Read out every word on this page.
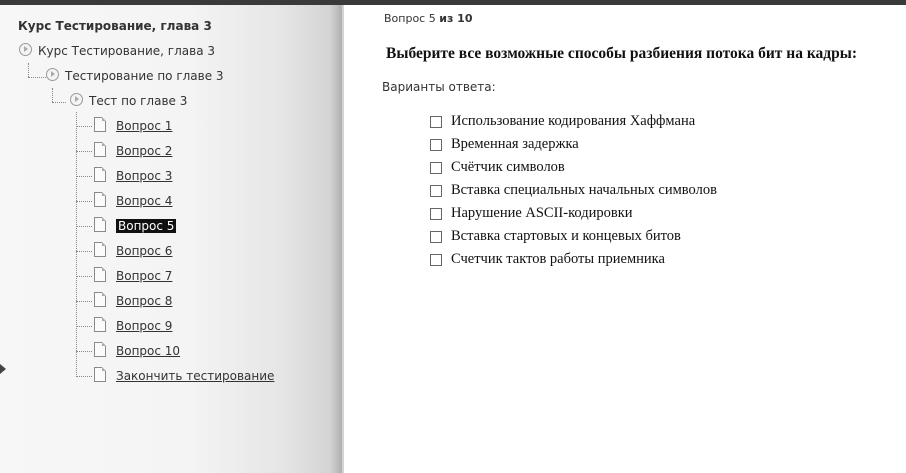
Курс Тестирование, глава 3
Курс Тестирование, глава 3
Тестирование по главе 3
Тест по главе 3
Вопрос 1
Вопрос 2
Вопрос 3
Вопрос 4
Вопрос 5
Вопрос 6
Вопрос 7
Вопрос 8
Вопрос 9
Вопрос 10
Закончить тестирование
Вопрос 5 из 10
Выберите все возможные способы разбиения потока бит на кадры:
Варианты ответа:
Использование кодирования Хаффмана
Временная задержка
Счётчик символов
Вставка специальных начальных символов
Нарушение ASCII-кодировки
Вставка стартовых и концевых битов
Счетчик тактов работы приемника
